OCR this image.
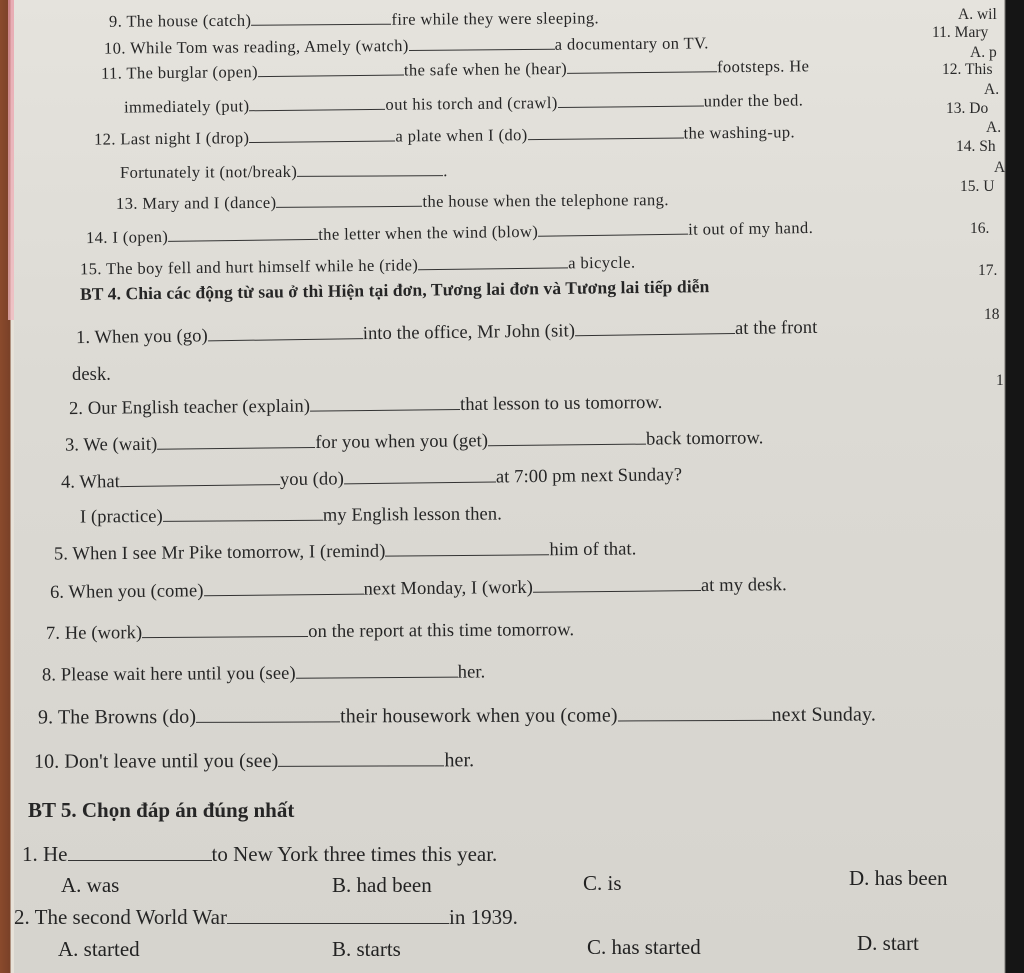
9. The house (catch)	fire while they were sleeping.
10. While Tom was reading, Amely (watch)	a documentary on TV.
11. The burglar (open)	the safe when he (hear)	footsteps. He
immediately (put)	out his torch and (crawl)	under the bed.
12. Last night I (drop)	a plate when I (do)	the washing-up.
Fortunately it (not/break)	.
13. Mary and I (dance)	the house when the telephone rang.
14. I (open)	the letter when the wind (blow)	it out of my hand.
15. The boy fell and hurt himself while he (ride)	a bicycle.
BT 4. Chia các động từ sau ở thì Hiện tại đơn, Tương lai đơn và Tương lai tiếp diễn
1. When you (go)	into the office, Mr John (sit)	at the front
desk.
2. Our English teacher (explain)	that lesson to us tomorrow.
3. We (wait)	for you when you (get)	back tomorrow.
4. What	you (do)	at 7:00 pm next Sunday?
I (practice)	my English lesson then.
5. When I see Mr Pike tomorrow, I (remind)	him of that.
6. When you (come)	next Monday, I (work)	at my desk.
7. He (work)	on the report at this time tomorrow.
8. Please wait here until you (see)	her.
9. The Browns (do)	their housework when you (come)	next Sunday.
10. Don't leave until you (see)	her.
BT 5. Chọn đáp án đúng nhất
1. He	to New York three times this year.
A. was	B. had been	C. is	D. has been
2. The second World War	in 1939.
A. started	B. starts	C. has started	D. start
A. wil
11. Mary
A. p
12. This
A.
13. Do
A.
14. Sh
A
15. U
16.
17.
18
1
